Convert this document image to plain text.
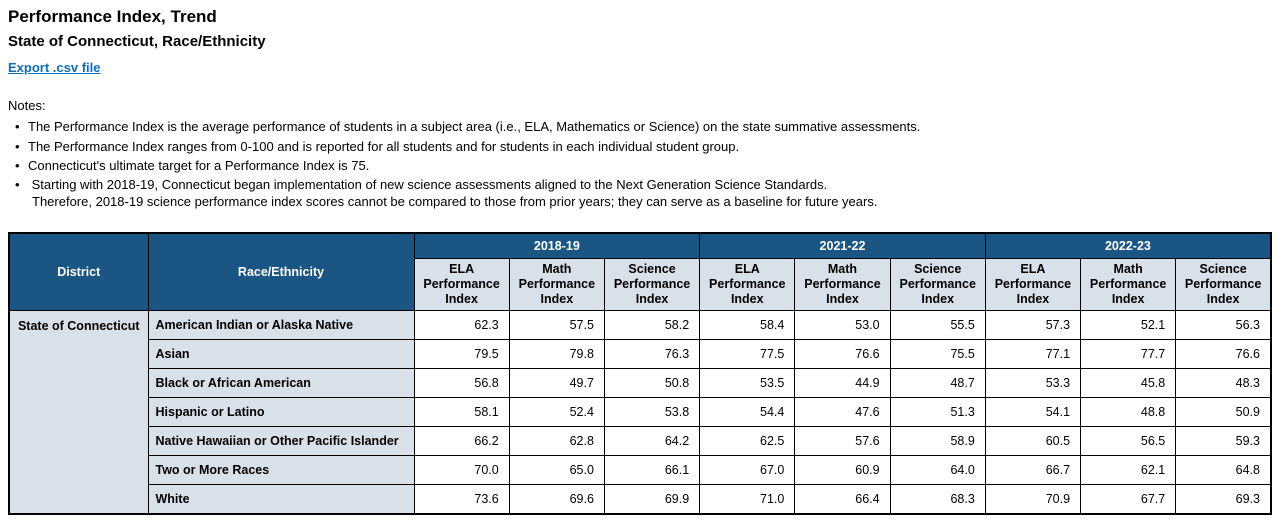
Performance Index, Trend
State of Connecticut, Race/Ethnicity
Export .csv file
Notes:
• The Performance Index is the average performance of students in a subject area (i.e., ELA, Mathematics or Science) on the state summative assessments.
• The Performance Index ranges from 0-100 and is reported for all students and for students in each individual student group.
• Connecticut's ultimate target for a Performance Index is 75.
• Starting with 2018-19, Connecticut began implementation of new science assessments aligned to the Next Generation Science Standards.
Therefore, 2018-19 science performance index scores cannot be compared to those from prior years; they can serve as a baseline for future years.
District	Race/Ethnicity	2018-19			2021-22			2022-23		
		ELA Performance Index	Math Performance Index	Science Performance Index	ELA Performance Index	Math Performance Index	Science Performance Index	ELA Performance Index	Math Performance Index	Science Performance Index
State of Connecticut	American Indian or Alaska Native	62.3	57.5	58.2	58.4	53.0	55.5	57.3	52.1	56.3
	Asian	79.5	79.8	76.3	77.5	76.6	75.5	77.1	77.7	76.6
	Black or African American	56.8	49.7	50.8	53.5	44.9	48.7	53.3	45.8	48.3
	Hispanic or Latino	58.1	52.4	53.8	54.4	47.6	51.3	54.1	48.8	50.9
	Native Hawaiian or Other Pacific Islander	66.2	62.8	64.2	62.5	57.6	58.9	60.5	56.5	59.3
	Two or More Races	70.0	65.0	66.1	67.0	60.9	64.0	66.7	62.1	64.8
	White	73.6	69.6	69.9	71.0	66.4	68.3	70.9	67.7	69.3
